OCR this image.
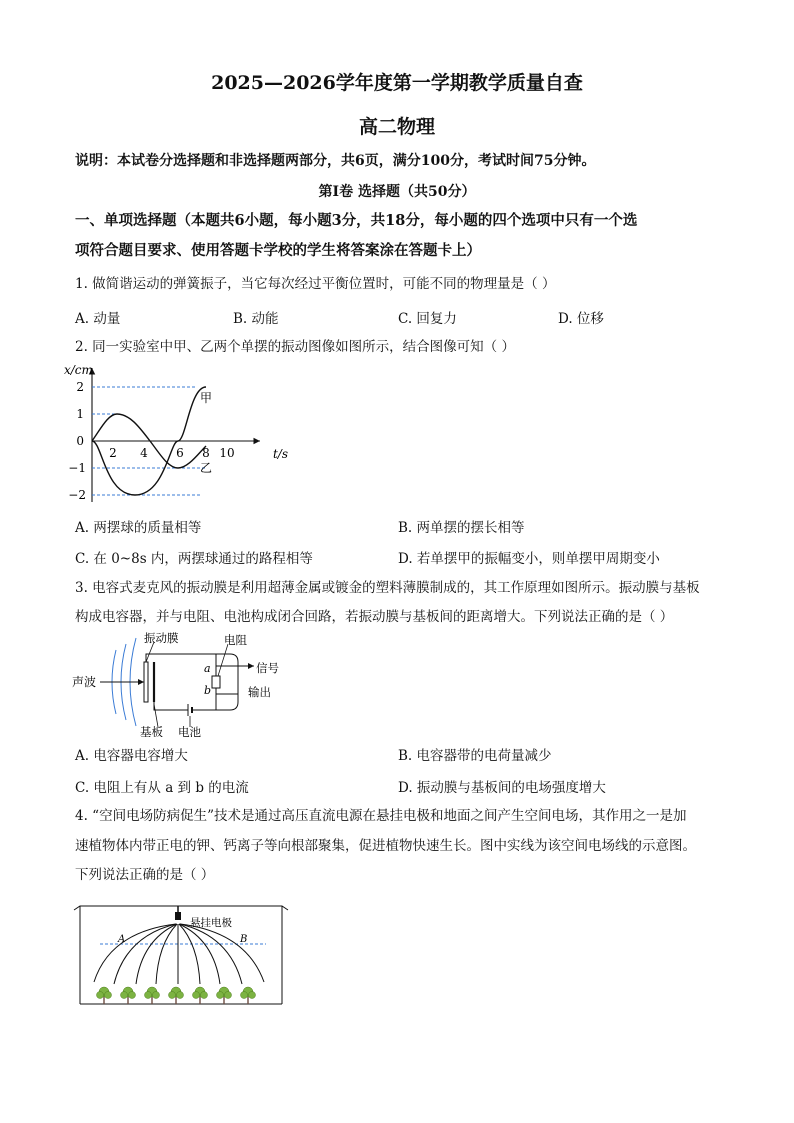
2025—2026学年度第一学期教学质量自查
高二物理
说明：本试卷分选择题和非选择题两部分，共6页，满分100分，考试时间75分钟。
第Ⅰ卷 选择题（共50分）
一、单项选择题（本题共6小题，每小题3分，共18分，每小题的四个选项中只有一个选
项符合题目要求、使用答题卡学校的学生将答案涂在答题卡上）
1. 做简谐运动的弹簧振子，当它每次经过平衡位置时，可能不同的物理量是（ ）
A. 动量	B. 动能	C. 回复力	D. 位移
2. 同一实验室中甲、乙两个单摆的振动图像如图所示，结合图像可知（ ）
x/cm
t/s
2
1
0
−1
−2
2 4 6 8 10
甲
乙
A. 两摆球的质量相等	B. 两单摆的摆长相等
C. 在 0~8s 内，两摆球通过的路程相等	D. 若单摆甲的振幅变小，则单摆甲周期变小
3. 电容式麦克风的振动膜是利用超薄金属或镀金的塑料薄膜制成的，其工作原理如图所示。振动膜与基板
构成电容器，并与电阻、电池构成闭合回路，若振动膜与基板间的距离增大。下列说法正确的是（ ）
声波
振动膜	电阻
信号
输出
基板 电池
a
b
A. 电容器电容增大	B. 电容器带的电荷量减少
C. 电阻上有从 a 到 b 的电流	D. 振动膜与基板间的电场强度增大
4. “空间电场防病促生”技术是通过高压直流电源在悬挂电极和地面之间产生空间电场，其作用之一是加
速植物体内带正电的钾、钙离子等向根部聚集，促进植物快速生长。图中实线为该空间电场线的示意图。
下列说法正确的是（ ）
悬挂电极
A	B
